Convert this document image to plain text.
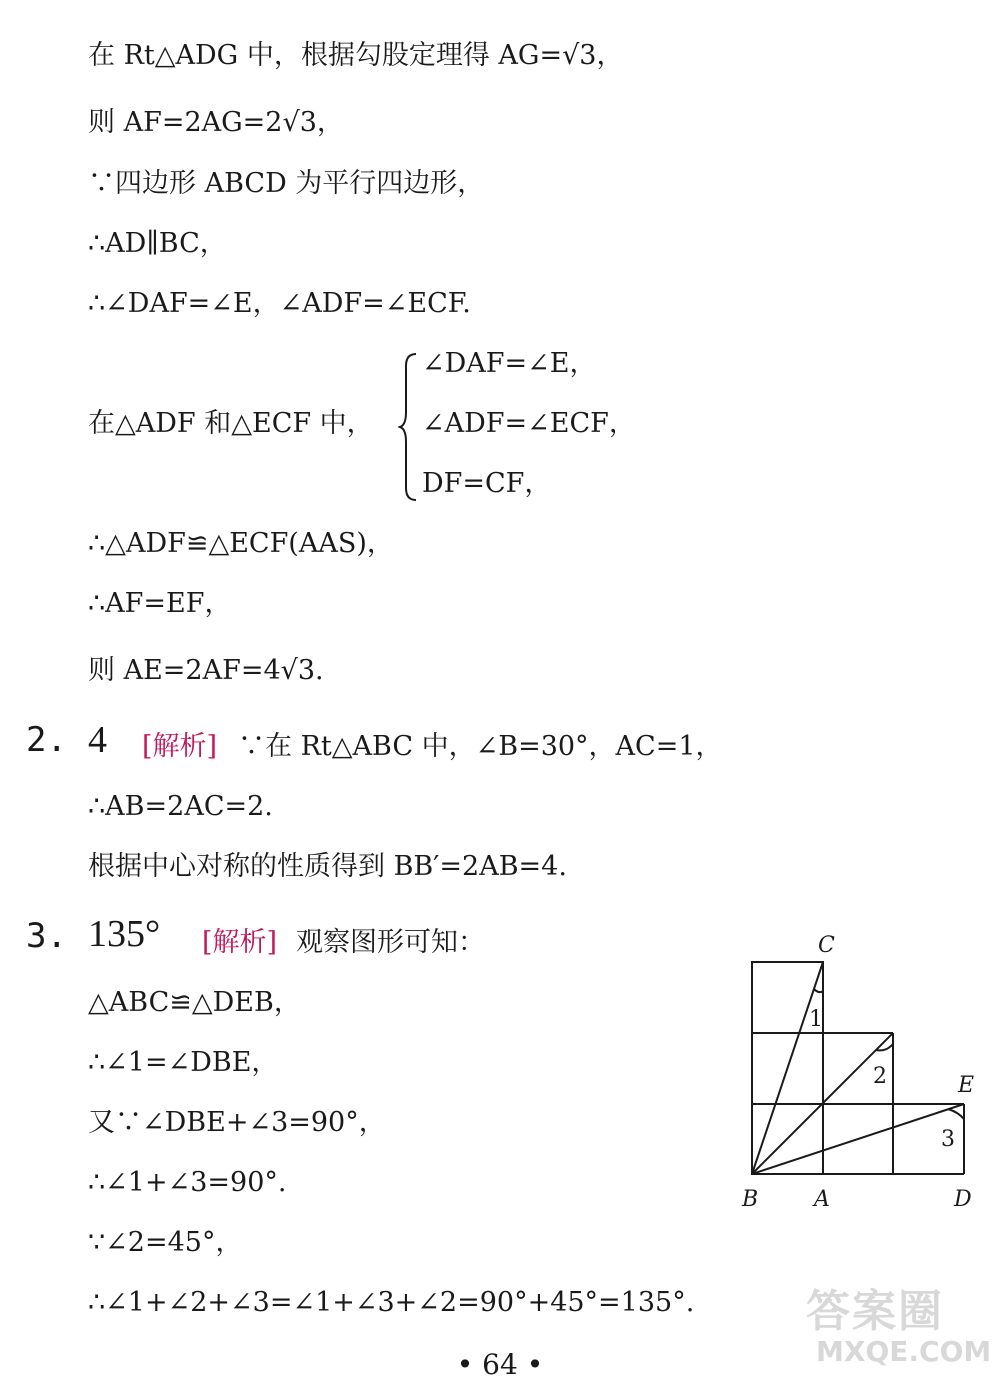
在 Rt△ADG 中，根据勾股定理得 AG=√3，
则 AF=2AG=2√3，
∵四边形 ABCD 为平行四边形，
∴AD∥BC，
∴∠DAF=∠E，∠ADF=∠ECF.
在△ADF 和△ECF 中，
∠DAF=∠E，
∠ADF=∠ECF，
DF=CF，
∴△ADF≌△ECF(AAS)，
∴AF=EF，
则 AE=2AF=4√3.
2. 4 [解析] ∵在 Rt△ABC 中，∠B=30°，AC=1，
∴AB=2AC=2.
根据中心对称的性质得到 BB′=2AB=4.
3. 135° [解析] 观察图形可知：
△ABC≌△DEB，
∴∠1=∠DBE，
又∵∠DBE+∠3=90°，
∴∠1+∠3=90°.
∵∠2=45°，
∴∠1+∠2+∠3=∠1+∠3+∠2=90°+45°=135°.
C
E
B	A	D
1
2
3
• 64 •
答案圈
MXQE.COM
